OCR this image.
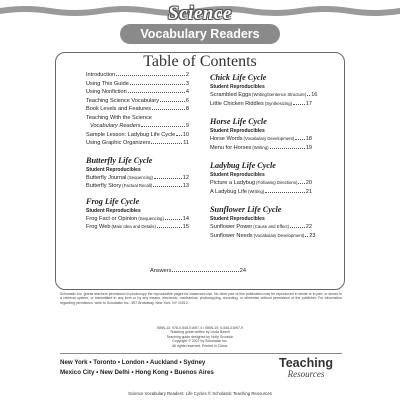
Science
Vocabulary Readers
Table of Contents
Introduction	2
Using This Guide	3
Using Nonfiction	4
Teaching Science Vocabulary	6
Book Levels and Features	8
Teaching With the Science
Vocabulary Readers	9
Sample Lesson: Ladybug Life Cycle 10
Using Graphic Organizers	11
Butterfly Life Cycle
Student Reproducibles
Butterfly Journal (Sequencing)	12
Butterfly Story (Factual Recall)	13
Frog Life Cycle
Student Reproducibles
Frog Fact or Opinion (Sequencing)	14
Frog Web (Main Idea and Details)	15
Chick Life Cycle
Student Reproducibles
Scrambled Eggs (Writing/Sentence Structure) 16
Little Chicken Riddles (Synthesizing) 17
Horse Life Cycle
Student Reproducibles
Horse Words (Vocabulary Development) 18
Menu for Horses (Writing)	19
Ladybug Life Cycle
Student Reproducibles
Picture a Ladybug (Following Directions) 20
A Ladybug Life (Writing)	21
Sunflower Life Cycle
Student Reproducibles
Sunflower Power (Cause and Effect)	22
Sunflower Needs (Vocabulary Development) 23
Answers	24
Scholastic Inc. grants teachers permission to photocopy the reproducible pages for classroom use. No other part of this publication may be reproduced in whole or in part, or stored in a retrieval system, or transmitted in any form or by any means, electronic, mechanical, photocopying, recording, or otherwise without permission of the publisher. For information regarding permission, write to Scholastic Inc., 557 Broadway, New York, NY 10012.
ISBN-13: 978-0-545-01697-4 / ISBN-10: 0-545-01697-9
Teaching guide written by Linda Beech
Teaching guide designed by Holly Grundon
Copyright © 2007 by Scholastic Inc.
All rights reserved. Printed in China.
New York • Toronto • London • Auckland • Sydney
Mexico City • New Delhi • Hong Kong • Buenos Aires
Teaching
Resources
Science Vocabulary Readers: Life Cycles © Scholastic Teaching Resources
